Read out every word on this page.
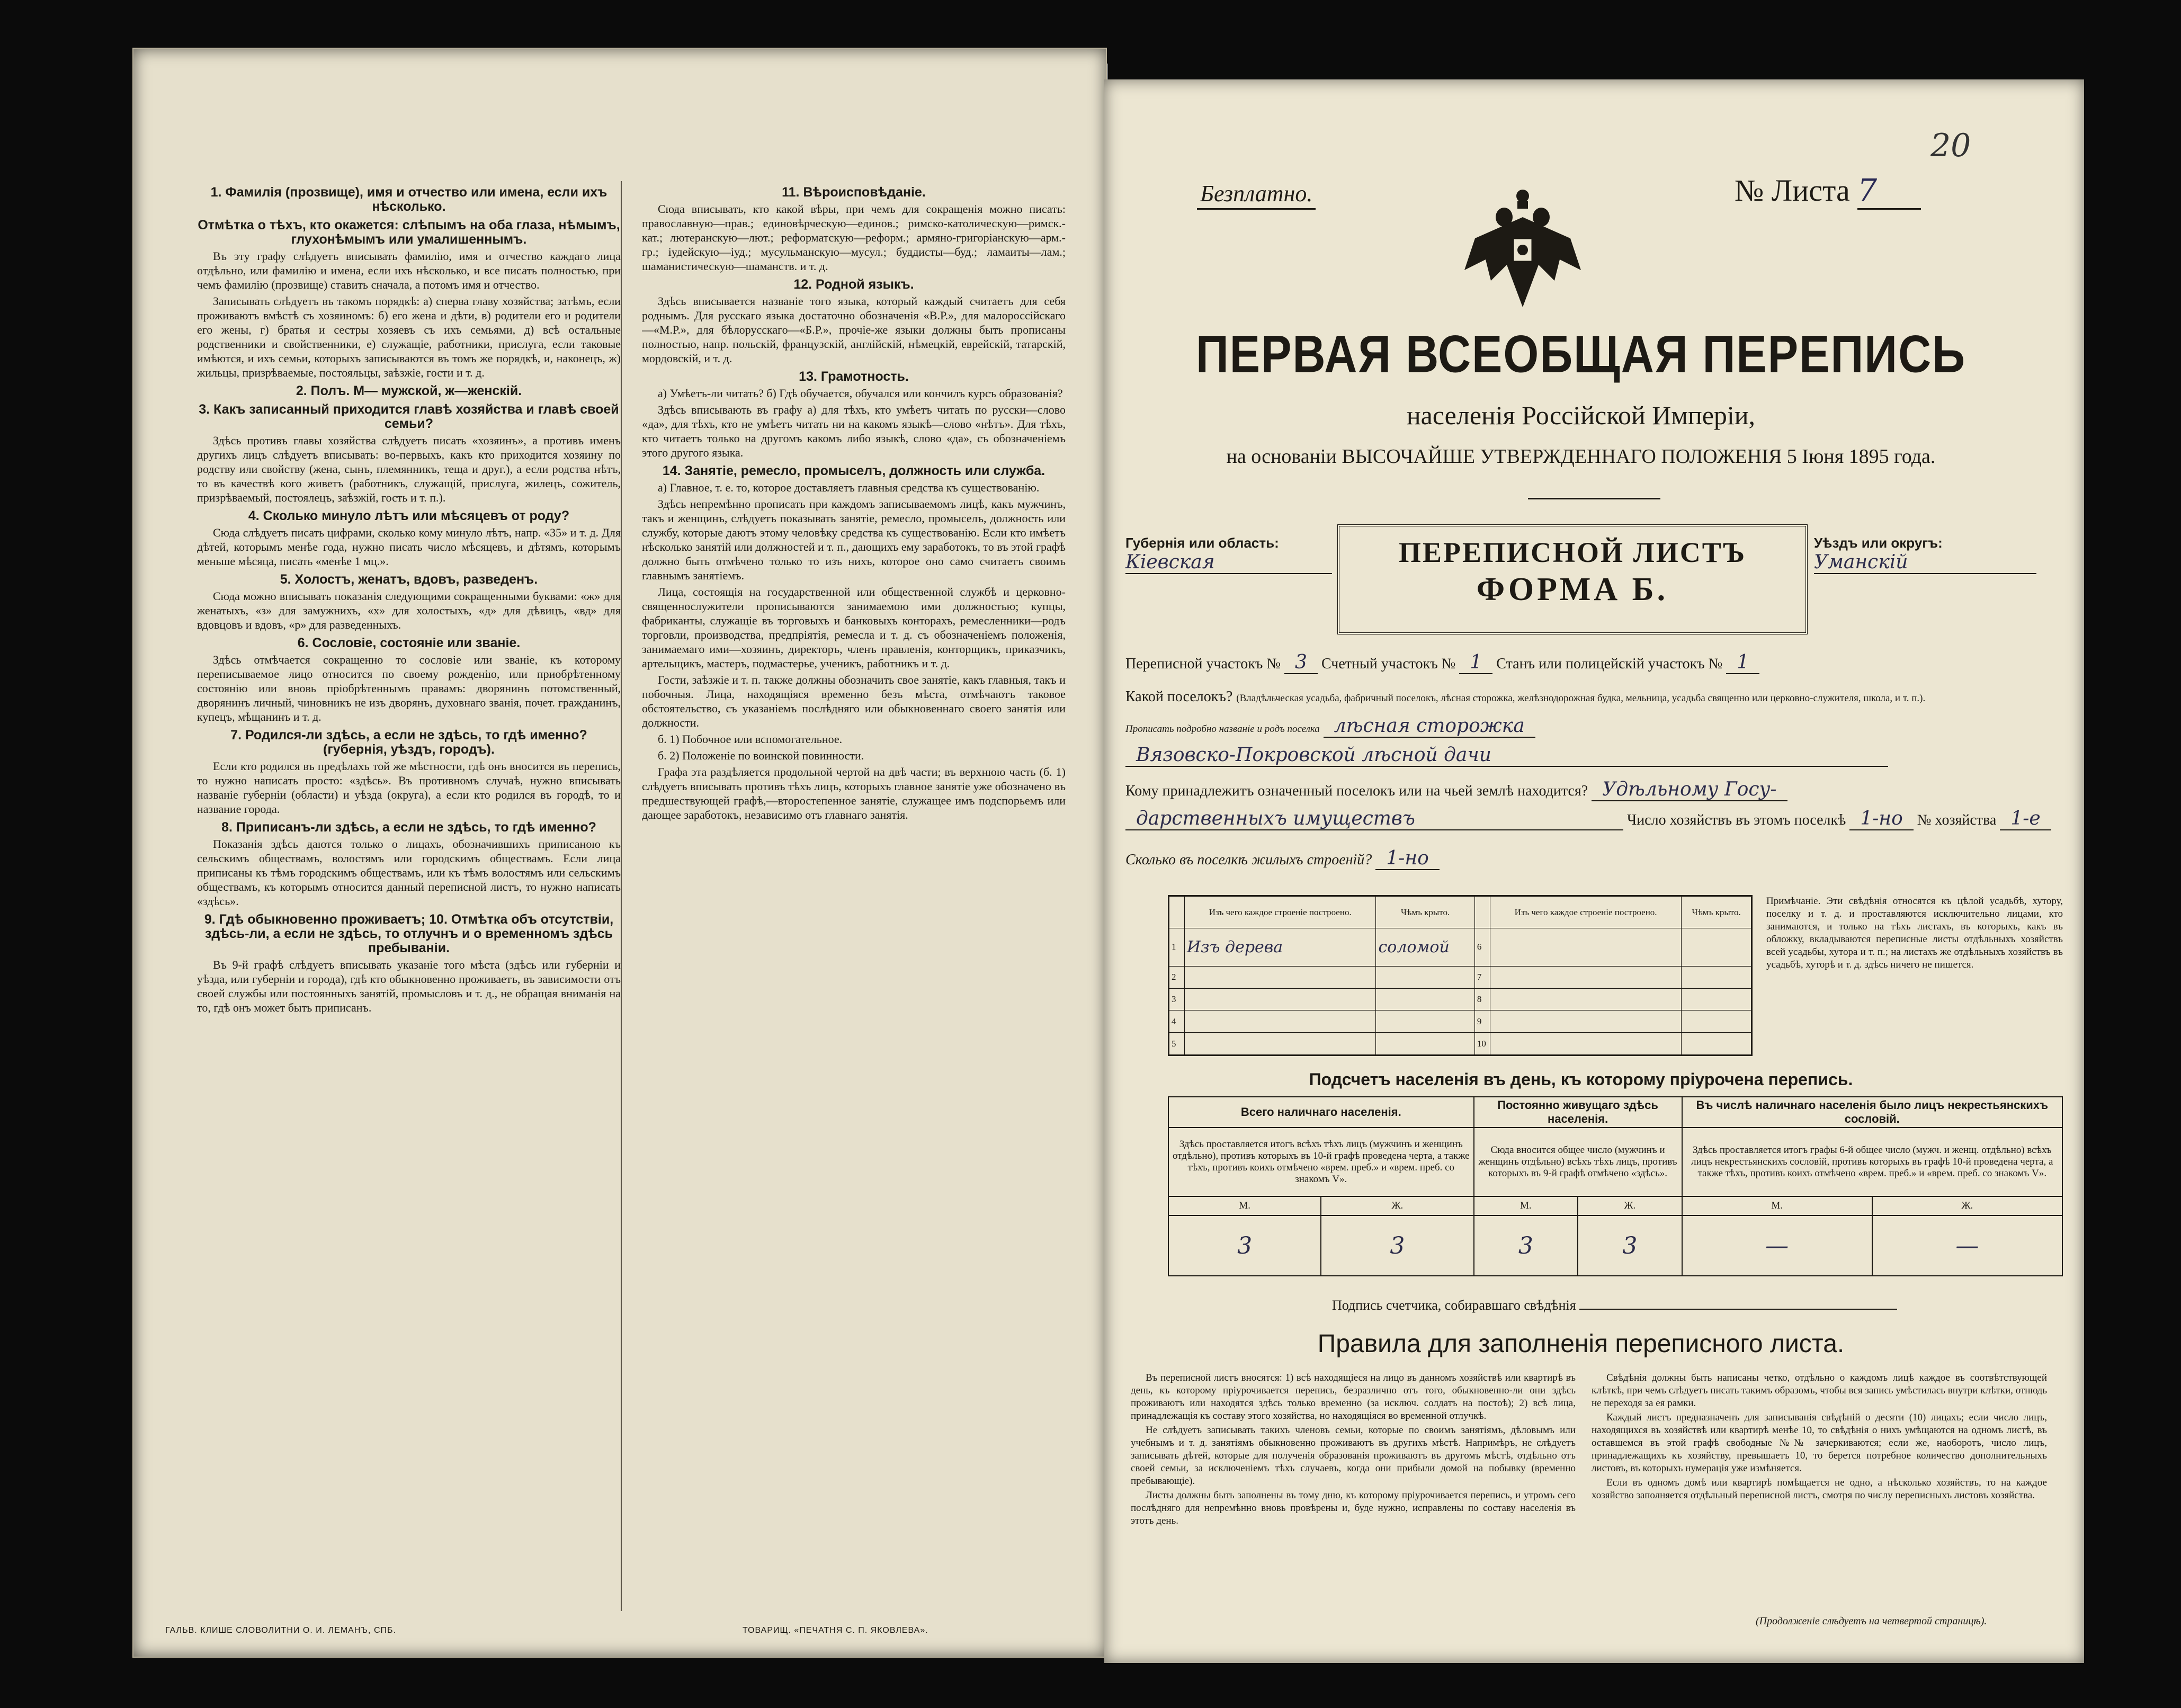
1. Фамилія (прозвище), имя и отчество или имена, если ихъ нѣсколько.
Отмѣтка о тѣхъ, кто окажется: слѣпымъ на оба глаза, нѣмымъ, глухонѣмымъ или умалишеннымъ.

Въ эту графу слѣдуетъ вписывать фамилію, имя и отчество каждаго лица отдѣльно, или фамилію и имена, если ихъ нѣсколько, и все писать полностью, при чемъ фамилію (прозвище) ставить сначала, а потомъ имя и отчество.

Записывать слѣдуетъ въ такомъ порядкѣ: а) сперва главу хозяйства; затѣмъ, если проживаютъ вмѣстѣ съ хозяиномъ: б) его жена и дѣти, в) родители его и родители его жены, г) братья и сестры хозяевъ съ ихъ семьями, д) всѣ остальные родственники и свойственники, е) служащіе, работники, прислуга, если таковые имѣются, и ихъ семьи, которыхъ записываются въ томъ же порядкѣ, и, наконецъ, ж) жильцы, призрѣваемые, постояльцы, заѣзжіе, гости и т. д.

2. Полъ. М— мужской, ж—женскій.
3. Какъ записанный приходится главѣ хозяйства и главѣ своей семьи?

Здѣсь противъ главы хозяйства слѣдуетъ писать «хозяинъ», а противъ именъ другихъ лицъ слѣдуетъ вписывать: во-первыхъ, какъ кто приходится хозяину по родству или свойству (жена, сынъ, племянникъ, теща и друг.), а если родства нѣтъ, то въ качествѣ кого живетъ (работникъ, служащій, прислуга, жилецъ, сожитель, призрѣваемый, постоялецъ, заѣзжій, гость и т. п.).

4. Сколько минуло лѣтъ или мѣсяцевъ от роду?

Сюда слѣдуетъ писать цифрами, сколько кому минуло лѣтъ, напр. «35» и т. д. Для дѣтей, которымъ менѣе года, нужно писать число мѣсяцевъ, и дѣтямъ, которымъ меньше мѣсяца, писать «менѣе 1 мц.».

5. Холостъ, женатъ, вдовъ, разведенъ.

Сюда можно вписывать показанія следующими сокращенными буквами: «ж» для женатыхъ, «з» для замужнихъ, «х» для холостыхъ, «д» для дѣвицъ, «вд» для вдовцовъ и вдовъ, «р» для разведенныхъ.

6. Сословіе, состояніе или званіе.

Здѣсь отмѣчается сокращенно то сословіе или званіе, къ которому переписываемое лицо относится по своему рожденію, или приобрѣтенному состоянію или вновь пріобрѣтеннымъ правамъ: дворянинъ потомственный, дворянинъ личный, чиновникъ не изъ дворянъ, духовнаго званія, почет. гражданинъ, купецъ, мѣщанинъ и т. д.

7. Родился-ли здѣсь, а если не здѣсь, то гдѣ именно? (губернія, уѣздъ, городъ).

Если кто родился въ предѣлахъ той же мѣстности, гдѣ онъ вносится въ перепись, то нужно написать просто: «здѣсь». Въ противномъ случаѣ, нужно вписывать названіе губерніи (области) и уѣзда (округа), а если кто родился въ городѣ, то и название города.

8. Приписанъ-ли здѣсь, а если не здѣсь, то гдѣ именно?

Показанія здѣсь даются только о лицахъ, обозначившихъ приписаною къ сельскимъ обществамъ, волостямъ или городскимъ обществамъ. Если лица приписаны къ тѣмъ городскимъ обществамъ, или къ тѣмъ волостямъ или сельскимъ обществамъ, къ которымъ относится данный переписной листъ, то нужно написать «здѣсь».

9. Гдѣ обыкновенно проживаетъ; 10. Отмѣтка объ отсутствіи, здѣсь-ли, а если не здѣсь, то отлучнъ и о временномъ здѣсь пребываніи.

Въ 9-й графѣ слѣдуетъ вписывать указаніе того мѣста (здѣсь или губерніи и уѣзда, или губерніи и города), гдѣ кто обыкновенно проживаетъ, въ зависимости отъ своей службы или постоянныхъ занятій, промысловъ и т. д., не обращая вниманія на то, гдѣ онъ может быть приписанъ.

11. Вѣроисповѣданіе.

Сюда вписывать, кто какой вѣры, при чемъ для сокращенія можно писать: православную—прав.; единовѣрческую—единов.; римско-католическую—римск.-кат.; лютеранскую—лют.; реформатскую—реформ.; армяно-григоріанскую—арм.-гр.; іудейскую—іуд.; мусульманскую—мусул.; буддисты—буд.; ламаиты—лам.; шаманистическую—шаманств. и т. д.

12. Родной языкъ.

Здѣсь вписывается названіе того языка, который каждый считаетъ для себя роднымъ. Для русскаго языка достаточно обозначенія «В.Р.», для малороссійскаго—«М.Р.», для бѣлорусскаго—«Б.Р.», прочіе-же языки должны быть прописаны полностью, напр. польскій, французскій, англійскій, нѣмецкій, еврейскій, татарскій, мордовскій, и т. д.

13. Грамотность.

а) Умѣетъ-ли читать? б) Гдѣ обучается, обучался или кончилъ курсъ образованія?

Здѣсь вписывають въ графу а) для тѣхъ, кто умѣетъ читать по русски—слово «да», для тѣхъ, кто не умѣетъ читать ни на какомъ языкѣ—слово «нѣтъ». Для тѣхъ, кто читаетъ только на другомъ какомъ либо языкѣ, слово «да», съ обозначеніемъ этого другого языка.

14. Занятіе, ремесло, промыселъ, должность или служба.

а) Главное, т. е. то, которое доставляетъ главныя средства къ существованію.

Здѣсь непремѣнно прописать при каждомъ записываемомъ лицѣ, какъ мужчинъ, такъ и женщинъ, слѣдуетъ показывать занятіе, ремесло, промыселъ, должность или службу, которые даютъ этому человѣку средства къ существованію. Если кто имѣетъ нѣсколько занятій или должностей и т. п., дающихъ ему заработокъ, то въ этой графѣ должно быть отмѣчено только то изъ нихъ, которое оно само считаетъ своимъ главнымъ занятіемъ.

Лица, состоящія на государственной или общественной службѣ и церковно-священнослужители прописываются занимаемою ими должностью; купцы, фабриканты, служащіе въ торговыхъ и банковыхъ конторахъ, ремесленники—родъ торговли, производства, предпріятія, ремесла и т. д. съ обозначеніемъ положенія, занимаемаго ими—хозяинъ, директоръ, членъ правленія, конторщикъ, приказчикъ, артельщикъ, мастеръ, подмастерье, ученикъ, работникъ и т. д.

Гости, заѣзжіе и т. п. также должны обозначить свое занятіе, какъ главныя, такъ и побочныя. Лица, находящіяся временно безъ мѣста, отмѣчаютъ таковое обстоятельство, съ указаніемъ послѣдняго или обыкновеннаго своего занятія или должности.

б. 1) Побочное или вспомогательное.

б. 2) Положеніе по воинской повинности.

Графа эта раздѣляется продольной чертой на двѣ части; въ верхнюю часть (б. 1) слѣдуетъ вписывать противъ тѣхъ лицъ, которыхъ главное занятіе уже обозначено въ предшествующей графѣ,—второстепенное занятіе, служащее имъ подспорьемъ или дающее заработокъ, независимо отъ главнаго занятія.

ГАЛЬВ. КЛИШЕ СЛОВОЛИТНИ О. И. ЛЕМАНЪ, СПБ.	ТОВАРИЩ. «ПЕЧАТНЯ С. П. ЯКОВЛЕВА».
20
Безплатно.	№ Листа 7
ПЕРВАЯ ВСЕОБЩАЯ ПЕРЕПИСЬ
населенія Россійской Имперіи,
на основаніи ВЫСОЧАЙШЕ УТВЕРЖДЕННАГО ПОЛОЖЕНІЯ 5 Іюня 1895 года.
Губернія или область:
Кіевская	ПЕРЕПИСНОЙ ЛИСТЪ
ФОРМА Б.
Уѣздъ или округъ:
Уманскій
Переписной участокъ № 3 Счетный участокъ № 1 Станъ или полицейскій участокъ № 1
Какой поселокъ? (Владѣльческая усадьба, фабричный поселокъ, лѣсная сторожка, желѣзнодорожная будка, мельница, усадьба священно или церковно-служителя, школа, и т. п.).
Прописать подробно названіе и родъ поселка лѣсная сторожка
Вязовско-Покровской лѣсной дачи
Кому принадлежитъ означенный поселокъ или на чьей землѣ находится? Удѣльному Госу-
дарственныхъ имуществъ	Число хозяйствъ въ этомъ поселкѣ 1-но № хозяйства 1-е
Сколько въ поселкѣ жилыхъ строеній? 1-но
	Изъ чего каждое строеніе построено.	Чѣмъ крыто.		Изъ чего каждое строеніе построено.	Чѣмъ крыто.
1	Изъ дерева	соломой	6		
2			7		
3			8		
4			9		
5			10		
Примѣчаніе. Эти свѣдѣнія относятся къ цѣлой усадьбѣ, хутору, поселку и т. д. и проставляются исключительно лицами, кто занимаются, и только на тѣхъ листахъ, въ которыхъ, какъ въ обложку, вкладываются переписные листы отдѣльныхъ хозяйствъ всей усадьбы, хутора и т. п.; на листахъ же отдѣльныхъ хозяйствъ въ усадьбѣ, хуторѣ и т. д. здѣсь ничего не пишется.
Подсчетъ населенія въ день, къ которому пріурочена перепись.
Всего наличнаго населенія.		Постоянно живущаго здѣсь населенія.		Въ числѣ наличнаго населенія было лицъ некрестьянскихъ сословій.	
Здѣсь проставляется итогъ всѣхъ тѣхъ лицъ (мужчинъ и женщинъ отдѣльно), противъ которыхъ въ 10-й графѣ проведена черта, а также тѣхъ, противъ коихъ отмѣчено «врем. преб.» и «врем. преб. со знакомъ V».		Сюда вносится общее число (мужчинъ и женщинъ отдѣльно) всѣхъ тѣхъ лицъ, противъ которыхъ въ 9-й графѣ отмѣчено «здѣсь».		Здѣсь проставляется итогъ графы 6-й общее число (мужч. и женщ. отдѣльно) всѣхъ лицъ некрестьянскихъ сословій, противъ которыхъ въ графѣ 10-й проведена черта, а также тѣхъ, противъ коихъ отмѣчено «врем. преб.» и «врем. преб. со знакомъ V».	
М.	Ж.	М.	Ж.	М.	Ж.
3	3	3	3	—	—
Подпись счетчика, собиравшаго свѣдѣнія
Правила для заполненія переписного листа.

Въ переписной листъ вносятся: 1) всѣ находящіеся на лицо въ данномъ хозяйствѣ или квартирѣ въ день, къ которому пріурочивается перепись, безразлично отъ того, обыкновенно-ли они здѣсь проживаютъ или находятся здѣсь только временно (за исключ. солдатъ на постоѣ); 2) всѣ лица, принадлежащія къ составу этого хозяйства, но находящіяся во временной отлучкѣ.

Не слѣдуетъ записывать такихъ членовъ семьи, которые по своимъ занятіямъ, дѣловымъ или учебнымъ и т. д. занятіямъ обыкновенно проживаютъ въ другихъ мѣстѣ. Напримѣръ, не слѣдуетъ записывать дѣтей, которые для полученія образованія проживаютъ въ другомъ мѣстѣ, отдѣльно отъ своей семьи, за исключеніемъ тѣхъ случаевъ, когда они прибыли домой на побывку (временно пребывающіе).

Листы должны быть заполнены въ тому дню, къ которому пріурочивается перепись, и утромъ сего послѣдняго для непремѣнно вновь провѣрены и, буде нужно, исправлены по составу населенія въ этотъ день.

Свѣдѣнія должны быть написаны четко, отдѣльно о каждомъ лицѣ каждое въ соотвѣтствующей клѣткѣ, при чемъ слѣдуетъ писать такимъ образомъ, чтобы вся запись умѣстилась внутри клѣтки, отнюдь не переходя за ея рамки.

Каждый листъ предназначенъ для записыванія свѣдѣній о десяти (10) лицахъ; если число лицъ, находящихся въ хозяйствѣ или квартирѣ менѣе 10, то свѣдѣнія о нихъ умѣщаются на одномъ листѣ, въ оставшемся въ этой графѣ свободные №№ зачеркиваются; если же, наоборотъ, число лицъ, принадлежащихъ къ хозяйству, превышаетъ 10, то берется потребное количество дополнительныхъ листовъ, въ которыхъ нумерація уже измѣняется.

Если въ одномъ домѣ или квартирѣ помѣщается не одно, а нѣсколько хозяйствъ, то на каждое хозяйство заполняется отдѣльный переписной листъ, смотря по числу переписныхъ листовъ хозяйства.

(Продолженіе слѣдуетъ на четвертой страницѣ).
